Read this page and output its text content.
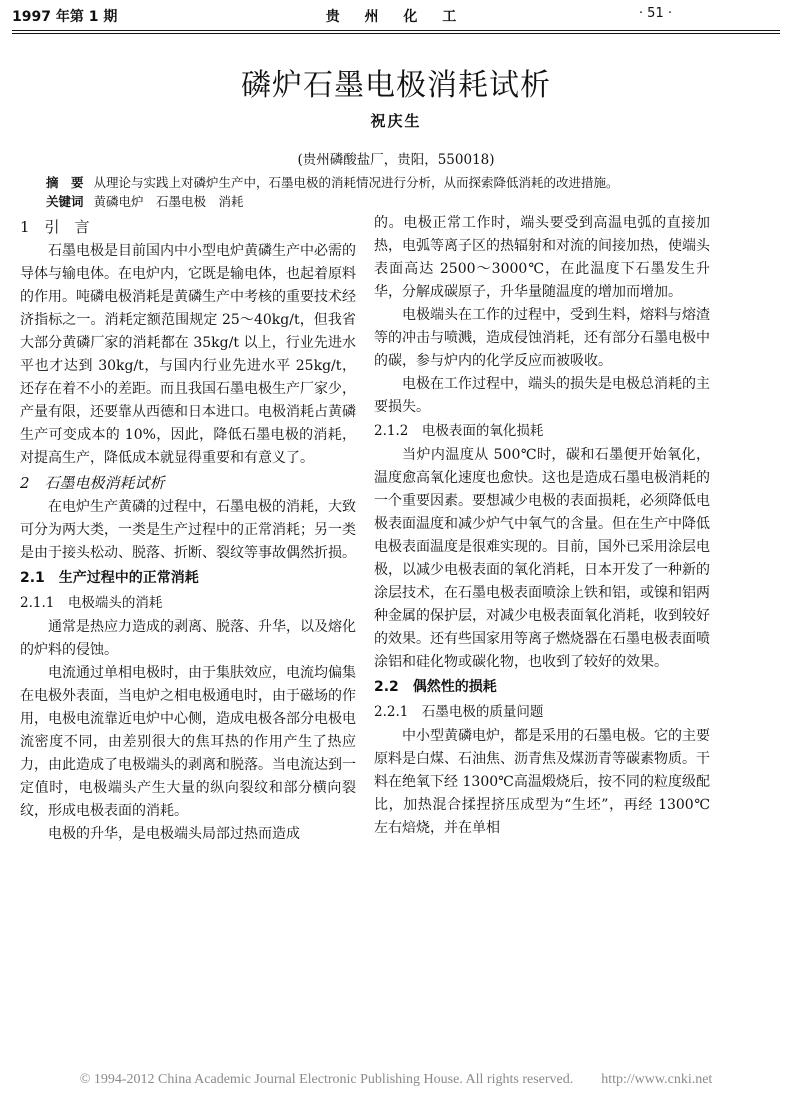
1997 年第 1 期	贵 州 化 工	· 51 ·
磷炉石墨电极消耗试析
祝庆生
(贵州磷酸盐厂，贵阳，550018)
摘　要 从理论与实践上对磷炉生产中，石墨电极的消耗情况进行分析，从而探索降低消耗的改进措施。
关键词 黄磷电炉　石墨电极　消耗

1　引　言

石墨电极是目前国内中小型电炉黄磷生产中必需的导体与输电体。在电炉内，它既是输电体，也起着原料的作用。吨磷电极消耗是黄磷生产中考核的重要技术经济指标之一。消耗定额范围规定 25～40kg/t，但我省大部分黄磷厂家的消耗都在 35kg/t 以上，行业先进水平也才达到 30kg/t，与国内行业先进水平 25kg/t，还存在着不小的差距。而且我国石墨电极生产厂家少，产量有限，还要靠从西德和日本进口。电极消耗占黄磷生产可变成本的 10%，因此，降低石墨电极的消耗，对提高生产，降低成本就显得重要和有意义了。

2　石墨电极消耗试析

在电炉生产黄磷的过程中，石墨电极的消耗，大致可分为两大类，一类是生产过程中的正常消耗；另一类是由于接头松动、脱落、折断、裂纹等事故偶然折损。

2.1　生产过程中的正常消耗

2.1.1　电极端头的消耗

通常是热应力造成的剥离、脱落、升华，以及熔化的炉料的侵蚀。

电流通过单相电极时，由于集肤效应，电流均偏集在电极外表面，当电炉之相电极通电时，由于磁场的作用，电极电流靠近电炉中心侧，造成电极各部分电极电流密度不同，由差别很大的焦耳热的作用产生了热应力，由此造成了电极端头的剥离和脱落。当电流达到一定值时，电极端头产生大量的纵向裂纹和部分横向裂纹，形成电极表面的消耗。

电极的升华，是电极端头局部过热而造成

的。电极正常工作时，端头要受到高温电弧的直接加热，电弧等离子区的热辐射和对流的间接加热，使端头表面高达 2500～3000℃，在此温度下石墨发生升华，分解成碳原子，升华量随温度的增加而增加。

电极端头在工作的过程中，受到生料，熔料与熔渣等的冲击与喷溅，造成侵蚀消耗，还有部分石墨电极中的碳，参与炉内的化学反应而被吸收。

电极在工作过程中，端头的损失是电极总消耗的主要损失。

2.1.2　电极表面的氧化损耗

当炉内温度从 500℃时，碳和石墨便开始氧化，温度愈高氧化速度也愈快。这也是造成石墨电极消耗的一个重要因素。要想减少电极的表面损耗，必须降低电极表面温度和减少炉气中氧气的含量。但在生产中降低电极表面温度是很难实现的。目前，国外已采用涂层电极，以减少电极表面的氧化消耗，日本开发了一种新的涂层技术，在石墨电极表面喷涂上铁和铝，或镍和铝两种金属的保护层，对减少电极表面氧化消耗，收到较好的效果。还有些国家用等离子燃烧器在石墨电极表面喷涂铝和硅化物或碳化物，也收到了较好的效果。

2.2　偶然性的损耗

2.2.1　石墨电极的质量问题

中小型黄磷电炉，都是采用的石墨电极。它的主要原料是白煤、石油焦、沥青焦及煤沥青等碳素物质。干料在绝氧下经 1300℃高温煅烧后，按不同的粒度级配比，加热混合揉捏挤压成型为“生坯”，再经 1300℃左右焙烧，并在单相

© 1994-2012 China Academic Journal Electronic Publishing House. All rights reserved.　　http://www.cnki.net
